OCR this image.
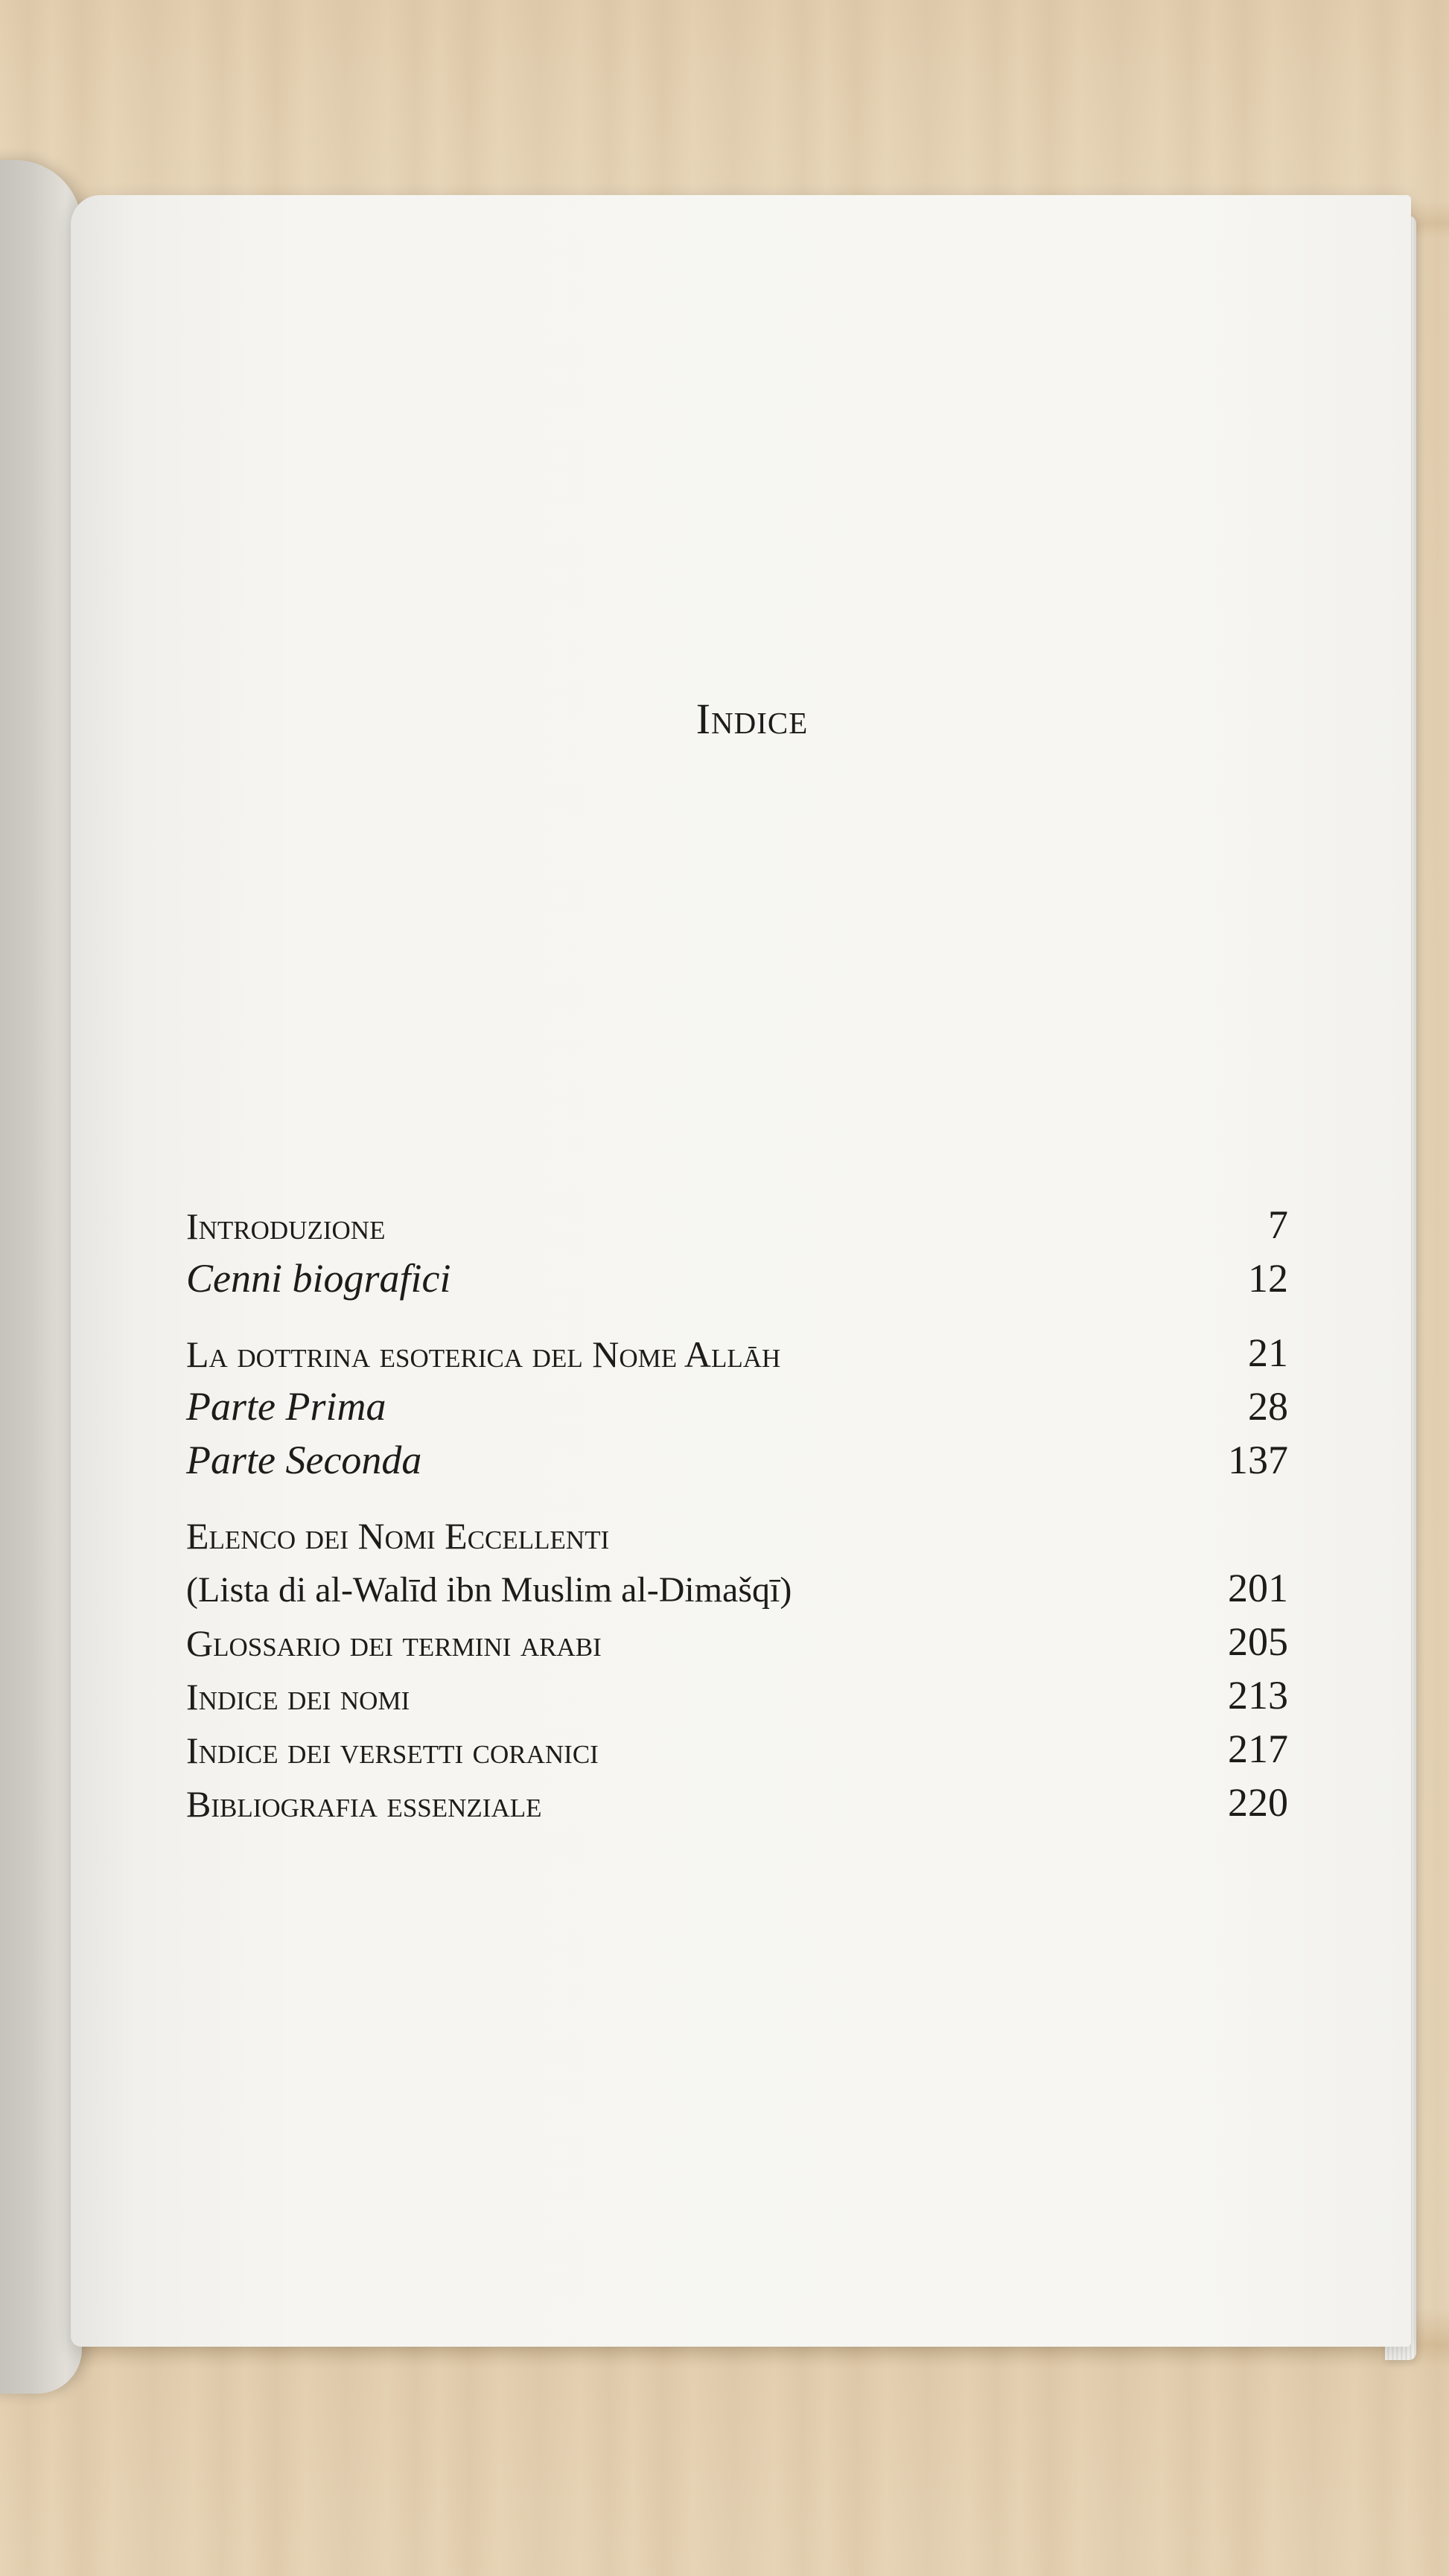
Indice
Introduzione	7
Cenni biografici	12
La dottrina esoterica del Nome Allāh	21
Parte Prima	28
Parte Seconda	137
Elenco dei Nomi Eccellenti
(Lista di al-Walīd ibn Muslim al-Dimašqī)	201
Glossario dei termini arabi	205
Indice dei nomi	213
Indice dei versetti coranici	217
Bibliografia essenziale	220
